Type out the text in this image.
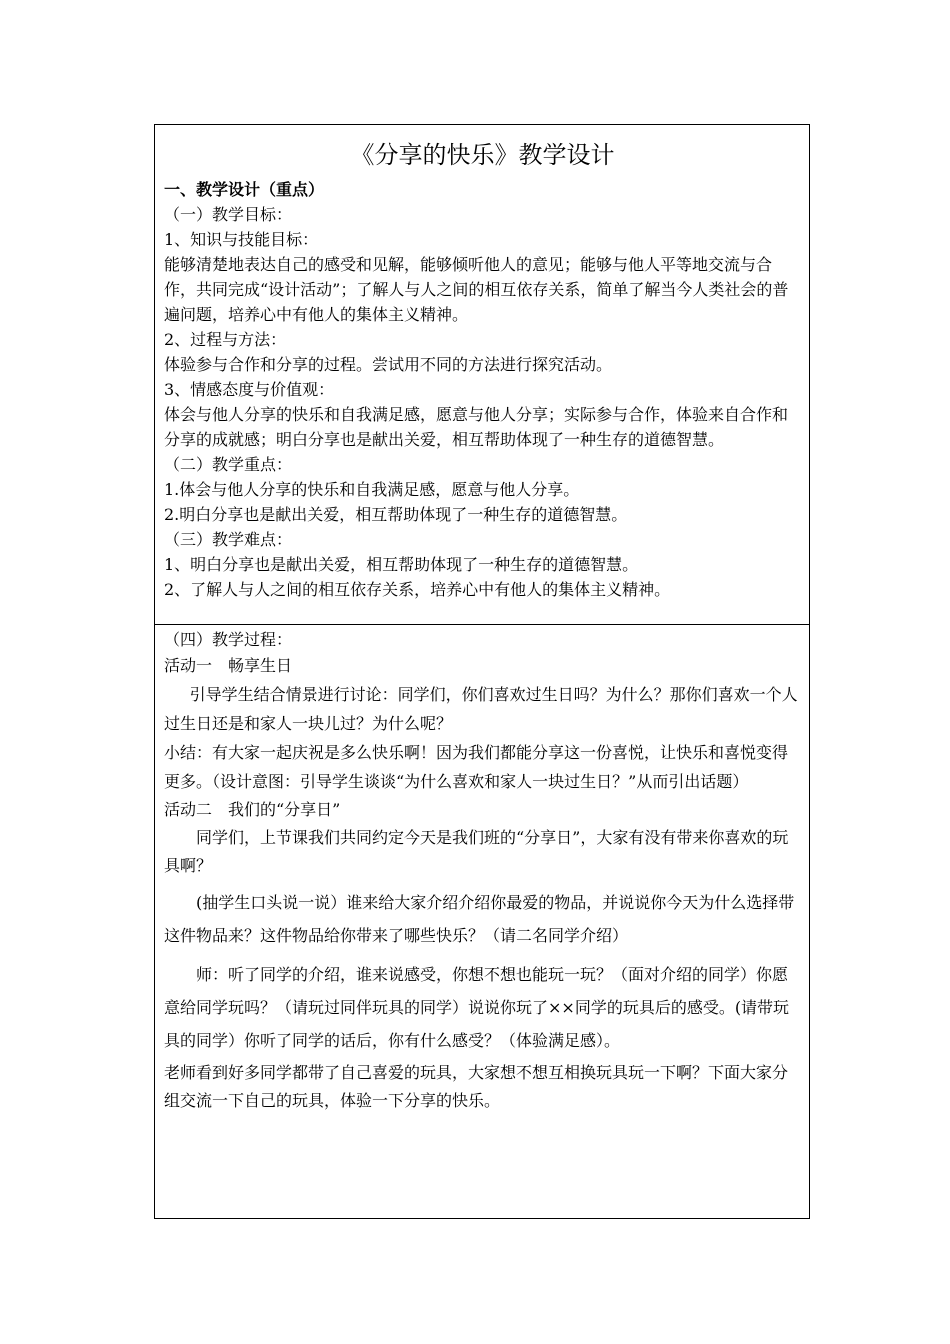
《分享的快乐》教学设计

一、教学设计（重点）

（一）教学目标：

1、知识与技能目标：

能够清楚地表达自己的感受和见解，能够倾听他人的意见；能够与他人平等地交流与合作，共同完成“设计活动”；了解人与人之间的相互依存关系，简单了解当今人类社会的普遍问题，培养心中有他人的集体主义精神。

2、过程与方法：

体验参与合作和分享的过程。尝试用不同的方法进行探究活动。

3、情感态度与价值观：

体会与他人分享的快乐和自我满足感，愿意与他人分享；实际参与合作，体验来自合作和分享的成就感；明白分享也是献出关爱，相互帮助体现了一种生存的道德智慧。

（二）教学重点：

1.体会与他人分享的快乐和自我满足感，愿意与他人分享。

2.明白分享也是献出关爱，相互帮助体现了一种生存的道德智慧。

（三）教学难点：

1、明白分享也是献出关爱，相互帮助体现了一种生存的道德智慧。

2、了解人与人之间的相互依存关系，培养心中有他人的集体主义精神。

（四）教学过程：

活动一　畅享生日

引导学生结合情景进行讨论：同学们，你们喜欢过生日吗？为什么？那你们喜欢一个人过生日还是和家人一块儿过？为什么呢？

小结：有大家一起庆祝是多么快乐啊！因为我们都能分享这一份喜悦，让快乐和喜悦变得更多。（设计意图：引导学生谈谈“为什么喜欢和家人一块过生日？”从而引出话题）

活动二　我们的“分享日”

同学们，上节课我们共同约定今天是我们班的“分享日”，大家有没有带来你喜欢的玩具啊？

(抽学生口头说一说）谁来给大家介绍介绍你最爱的物品，并说说你今天为什么选择带这件物品来？这件物品给你带来了哪些快乐？（请二名同学介绍）

师：听了同学的介绍，谁来说感受，你想不想也能玩一玩？（面对介绍的同学）你愿意给同学玩吗？（请玩过同伴玩具的同学）说说你玩了××同学的玩具后的感受。(请带玩具的同学）你听了同学的话后，你有什么感受？（体验满足感）。

老师看到好多同学都带了自己喜爱的玩具，大家想不想互相换玩具玩一下啊？下面大家分组交流一下自己的玩具，体验一下分享的快乐。
